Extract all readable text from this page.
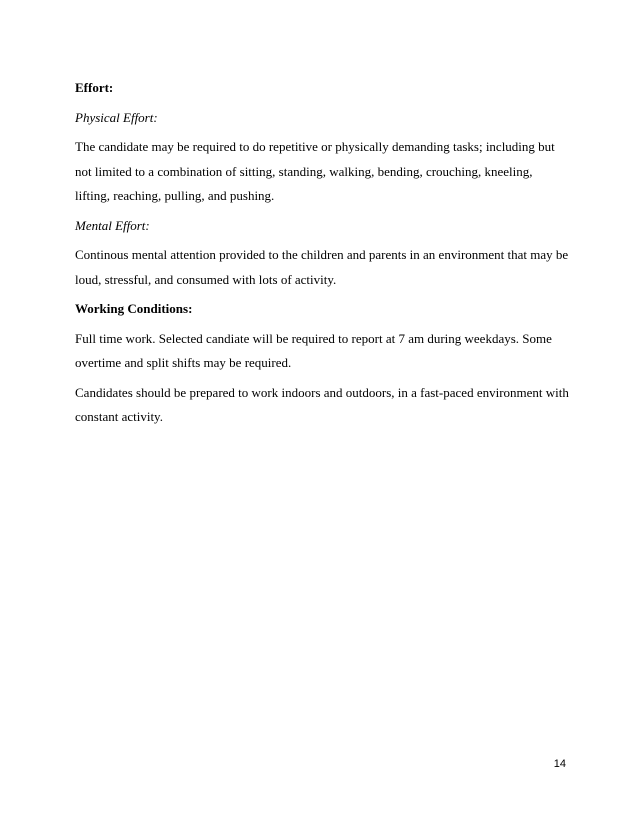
Effort:

Physical Effort:

The candidate may be required to do repetitive or physically demanding tasks; including but not limited to a combination of sitting, standing, walking, bending, crouching, kneeling, lifting, reaching, pulling, and pushing.

Mental Effort:

Continous mental attention provided to the children and parents in an environment that may be loud, stressful, and consumed with lots of activity.

Working Conditions:

Full time work. Selected candiate will be required to report at 7 am during weekdays. Some overtime and split shifts may be required.

Candidates should be prepared to work indoors and outdoors, in a fast-paced environment with constant activity.

14
